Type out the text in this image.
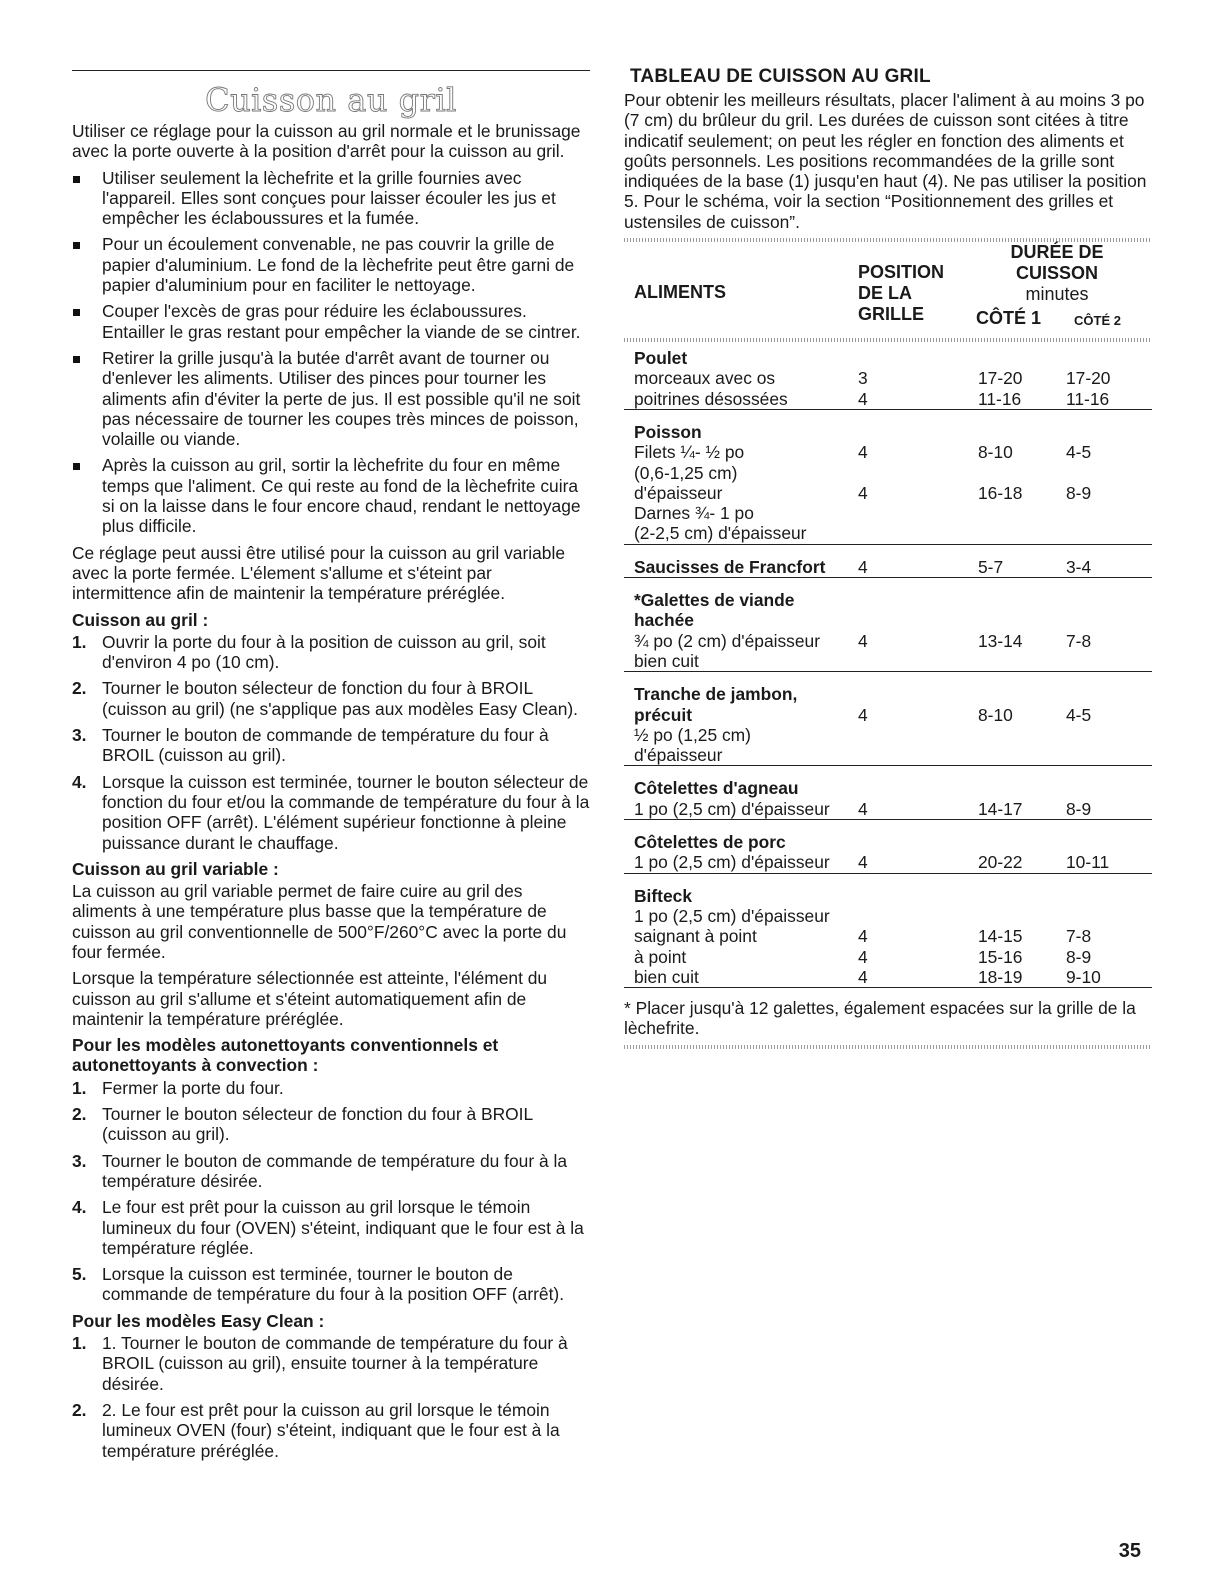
Cuisson au gril

Utiliser ce réglage pour la cuisson au gril normale et le brunissage avec la porte ouverte à la position d'arrêt pour la cuisson au gril.

Utiliser seulement la lèchefrite et la grille fournies avec l'appareil. Elles sont conçues pour laisser écouler les jus et empêcher les éclaboussures et la fumée.
Pour un écoulement convenable, ne pas couvrir la grille de papier d'aluminium. Le fond de la lèchefrite peut être garni de papier d'aluminium pour en faciliter le nettoyage.
Couper l'excès de gras pour réduire les éclaboussures. Entailler le gras restant pour empêcher la viande de se cintrer.
Retirer la grille jusqu'à la butée d'arrêt avant de tourner ou d'enlever les aliments. Utiliser des pinces pour tourner les aliments afin d'éviter la perte de jus. Il est possible qu'il ne soit pas nécessaire de tourner les coupes très minces de poisson, volaille ou viande.
Après la cuisson au gril, sortir la lèchefrite du four en même temps que l'aliment. Ce qui reste au fond de la lèchefrite cuira si on la laisse dans le four encore chaud, rendant le nettoyage plus difficile.

Ce réglage peut aussi être utilisé pour la cuisson au gril variable avec la porte fermée. L'élement s'allume et s'éteint par intermittence afin de maintenir la température préréglée.

Cuisson au gril :
1. Ouvrir la porte du four à la position de cuisson au gril, soit d'environ 4 po (10 cm).
2. Tourner le bouton sélecteur de fonction du four à BROIL (cuisson au gril) (ne s'applique pas aux modèles Easy Clean).
3. Tourner le bouton de commande de température du four à BROIL (cuisson au gril).
4. Lorsque la cuisson est terminée, tourner le bouton sélecteur de fonction du four et/ou la commande de température du four à la position OFF (arrêt). L'élément supérieur fonctionne à pleine puissance durant le chauffage.
Cuisson au gril variable :

La cuisson au gril variable permet de faire cuire au gril des aliments à une température plus basse que la température de cuisson au gril conventionnelle de 500°F/260°C avec la porte du four fermée.

Lorsque la température sélectionnée est atteinte, l'élément du cuisson au gril s'allume et s'éteint automatiquement afin de maintenir la température préréglée.

Pour les modèles autonettoyants conventionnels et autonettoyants à convection :
1. Fermer la porte du four.
2. Tourner le bouton sélecteur de fonction du four à BROIL (cuisson au gril).
3. Tourner le bouton de commande de température du four à la température désirée.
4. Le four est prêt pour la cuisson au gril lorsque le témoin lumineux du four (OVEN) s'éteint, indiquant que le four est à la température réglée.
5. Lorsque la cuisson est terminée, tourner le bouton de commande de température du four à la position OFF (arrêt).
Pour les modèles Easy Clean :
1. 1. Tourner le bouton de commande de température du four à BROIL (cuisson au gril), ensuite tourner à la température désirée.
2. 2. Le four est prêt pour la cuisson au gril lorsque le témoin lumineux OVEN (four) s'éteint, indiquant que le four est à la température préréglée.
TABLEAU DE CUISSON AU GRIL

Pour obtenir les meilleurs résultats, placer l'aliment à au moins 3 po (7 cm) du brûleur du gril. Les durées de cuisson sont citées à titre indicatif seulement; on peut les régler en fonction des aliments et goûts personnels. Les positions recommandées de la grille sont indiquées de la base (1) jusqu'en haut (4). Ne pas utiliser la position 5. Pour le schéma, voir la section “Positionnement des grilles et ustensiles de cuisson”.

ALIMENTS
POSITION
DE LA
GRILLE
DURÉE DE
CUISSON
minutes
CÔTÉ 1	CÔTÉ 2
Poulet			
morceaux avec os	3	17-20	17-20
poitrines désossées	4	11-16	11-16

Poisson			
Filets ¼- ½ po	4	8-10	4-5
(0,6-1,25 cm)			
d'épaisseur	4	16-18	8-9
Darnes ¾- 1 po			
(2-2,5 cm) d'épaisseur			

Saucisses de Francfort	4	5-7	3-4

*Galettes de viande			
hachée			
¾ po (2 cm) d'épaisseur	4	13-14	7-8
bien cuit			

Tranche de jambon,			
précuit	4	8-10	4-5
½ po (1,25 cm)			
d'épaisseur			

Côtelettes d'agneau			
1 po (2,5 cm) d'épaisseur	4	14-17	8-9

Côtelettes de porc			
1 po (2,5 cm) d'épaisseur	4	20-22	10-11

Bifteck			
1 po (2,5 cm) d'épaisseur			
saignant à point	4	14-15	7-8
à point	4	15-16	8-9
bien cuit	4	18-19	9-10

* Placer jusqu'à 12 galettes, également espacées sur la grille de la lèchefrite.

35
